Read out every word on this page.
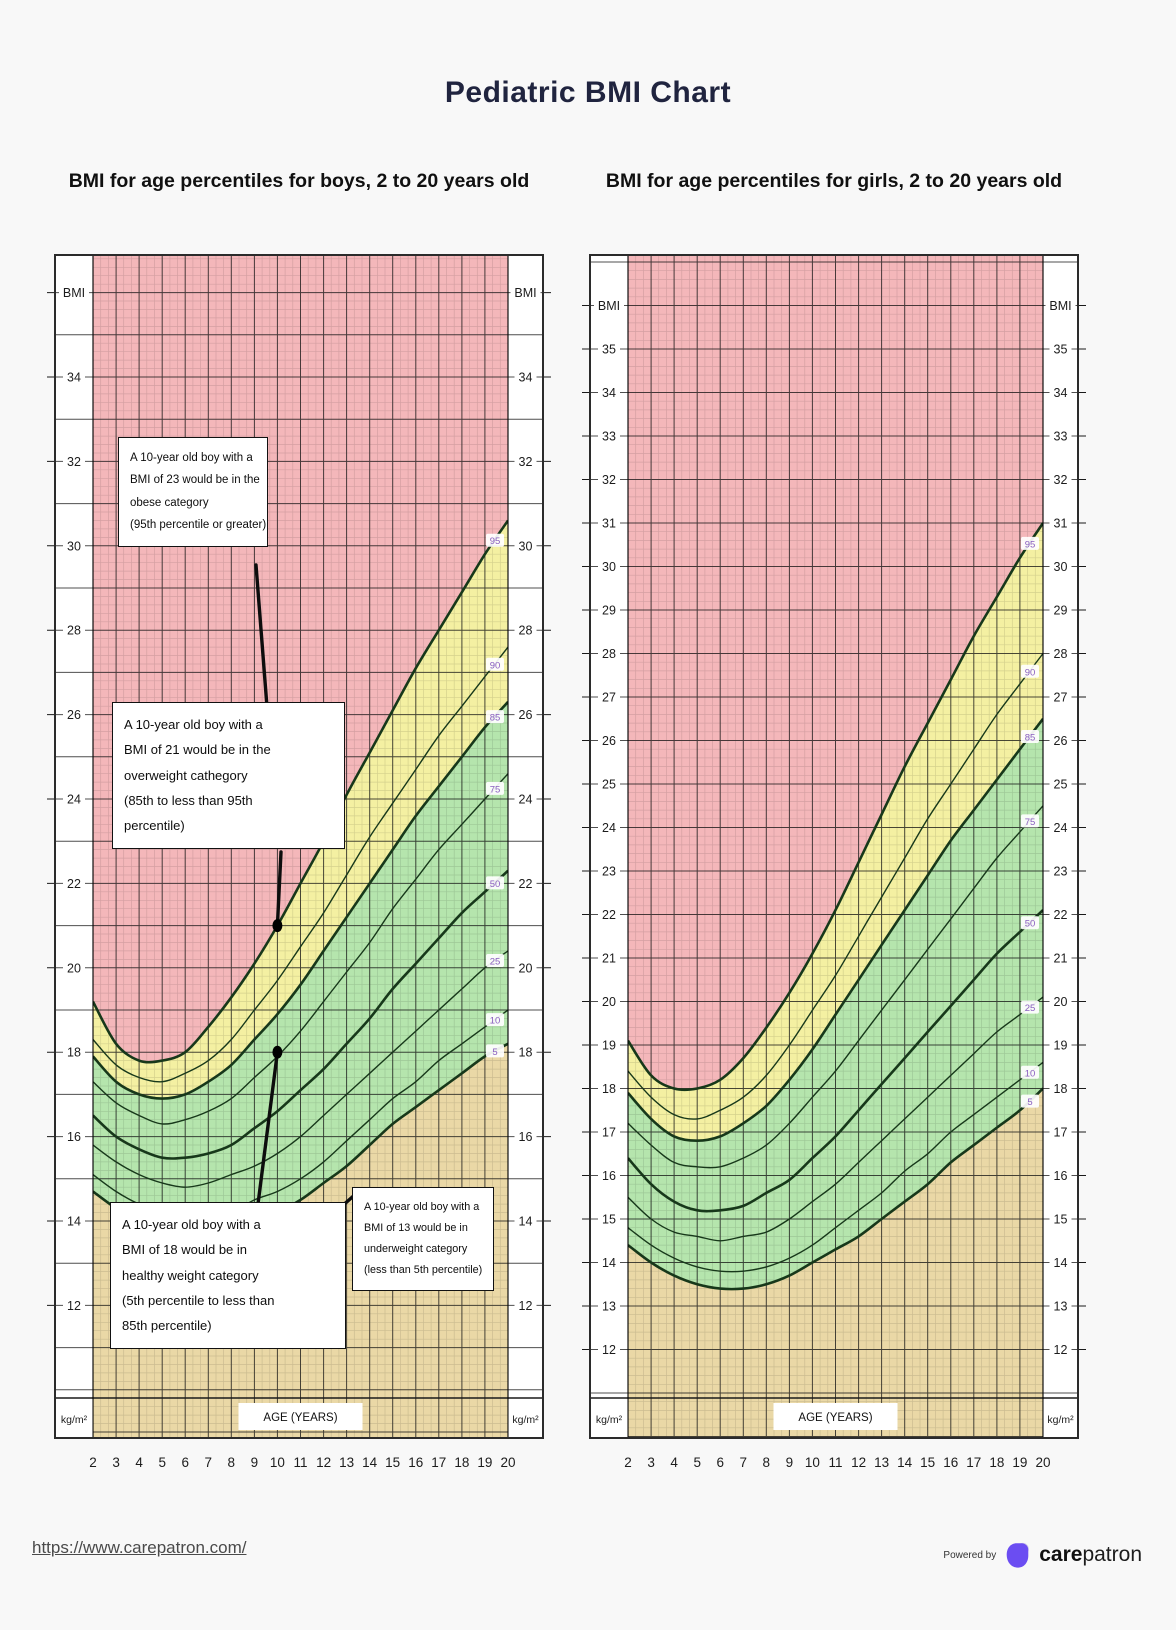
Pediatric BMI Chart
BMI for age percentiles for boys, 2 to 20 years old	BMI for age percentiles for girls, 2 to 20 years old
12	12
14	14
16	16
18	18
20	20
22	22
24	24
26	26
28	28
30	30
32	32
34	34
BMI	BMI
kg/m²	kg/m²
AGE (YEARS)
5
10
25
50
75
85
90
95
2 3 4 5 6 7 8 9 10 11 12 13 14 15 16 17 18 19 20
12	12
13	13
14	14
15	15
16	16
17	17
18	18
19	19
20	20
21	21
22	22
23	23
24	24
25	25
26	26
27	27
28	28
29	29
30	30
31	31
32	32
33	33
34	34
35	35
BMI	BMI
kg/m²	kg/m²
AGE (YEARS)
5
10
25
50
75
85
90
95
2 3 4 5 6 7 8 9 10 11 12 13 14 15 16 17 18 19 20
A 10-year old boy with a
BMI of 23 would be in the
obese category
(95th percentile or greater)
A 10-year old boy with a
BMI of 21 would be in the
overweight cathegory
(85th to less than 95th
percentile)
A 10-year old boy with a
BMI of 18 would be in
healthy weight category
(5th percentile to less than
85th percentile)
A 10-year old boy with a
BMI of 13 would be in
underweight category
(less than 5th percentile)
https://www.carepatron.com/	Powered by carepatron
